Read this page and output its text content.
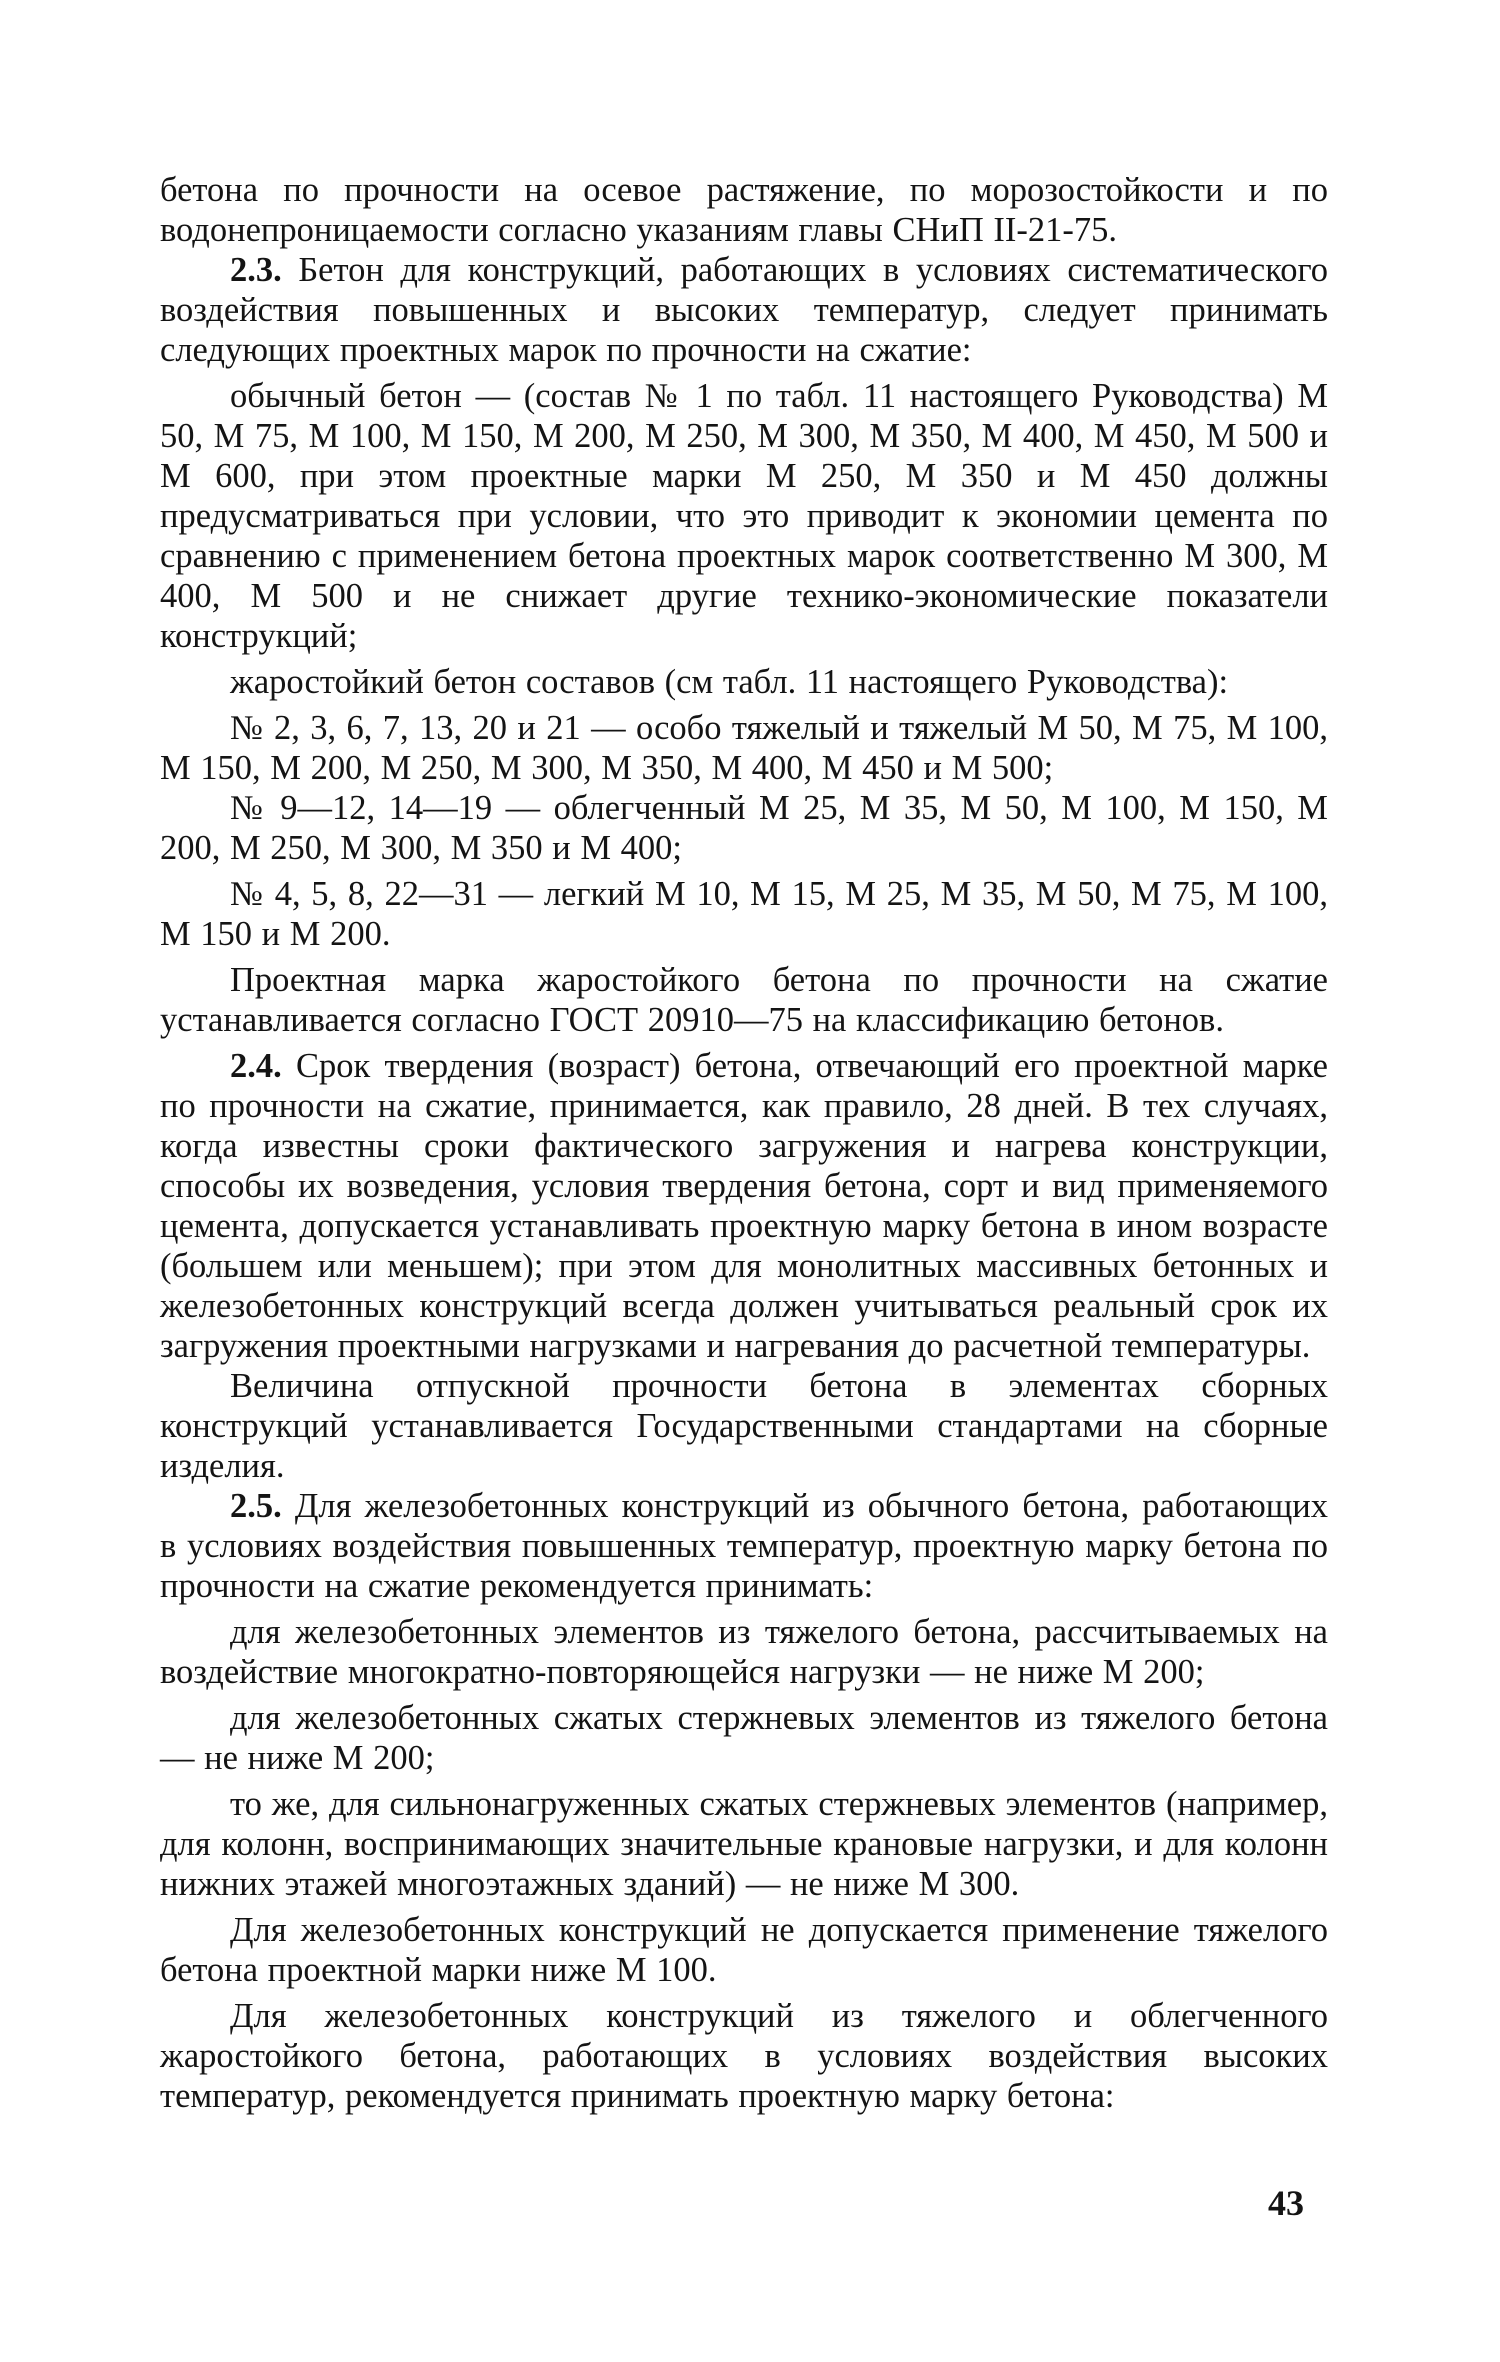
бетона по прочности на осевое растяжение, по морозостойкости и по водонепроницаемости согласно указаниям главы СНиП II-21-75.

2.3. Бетон для конструкций, работающих в условиях систематического воздействия повышенных и высоких температур, следует принимать следующих проектных марок по прочности на сжатие:

обычный бетон — (состав № 1 по табл. 11 настоящего Руководства) М 50, М 75, М 100, М 150, М 200, М 250, М 300, М 350, М 400, М 450, М 500 и М 600, при этом проектные марки М 250, М 350 и М 450 должны предусматриваться при условии, что это приводит к экономии цемента по сравнению с применением бетона проектных марок соответственно М 300, М 400, М 500 и не снижает другие технико-экономические показатели конструкций;

жаростойкий бетон составов (см табл. 11 настоящего Руководства):

№ 2, 3, 6, 7, 13, 20 и 21 — особо тяжелый и тяжелый М 50, М 75, М 100, М 150, М 200, М 250, М 300, М 350, М 400, М 450 и М 500;

№ 9—12, 14—19 — облегченный М 25, М 35, М 50, М 100, М 150, М 200, М 250, М 300, М 350 и М 400;

№ 4, 5, 8, 22—31 — легкий М 10, М 15, М 25, М 35, М 50, М 75, М 100, М 150 и М 200.

Проектная марка жаростойкого бетона по прочности на сжатие устанавливается согласно ГОСТ 20910—75 на классификацию бетонов.

2.4. Срок твердения (возраст) бетона, отвечающий его проектной марке по прочности на сжатие, принимается, как правило, 28 дней. В тех случаях, когда известны сроки фактического загружения и нагрева конструкции, способы их возведения, условия твердения бетона, сорт и вид применяемого цемента, допускается устанавливать проектную марку бетона в ином возрасте (большем или меньшем); при этом для монолитных массивных бетонных и железобетонных конструкций всегда должен учитываться реальный срок их загружения проектными нагрузками и нагревания до расчетной температуры.

Величина отпускной прочности бетона в элементах сборных конструкций устанавливается Государственными стандартами на сборные изделия.

2.5. Для железобетонных конструкций из обычного бетона, работающих в условиях воздействия повышенных температур, проектную марку бетона по прочности на сжатие рекомендуется принимать:

для железобетонных элементов из тяжелого бетона, рассчитываемых на воздействие многократно-повторяющейся нагрузки — не ниже М 200;

для железобетонных сжатых стержневых элементов из тяжелого бетона — не ниже М 200;

то же, для сильнонагруженных сжатых стержневых элементов (например, для колонн, воспринимающих значительные крановые нагрузки, и для колонн нижних этажей многоэтажных зданий) — не ниже М 300.

Для железобетонных конструкций не допускается применение тяжелого бетона проектной марки ниже М 100.

Для железобетонных конструкций из тяжелого и облегченного жаростойкого бетона, работающих в условиях воздействия высоких температур, рекомендуется принимать проектную марку бетона:

43
